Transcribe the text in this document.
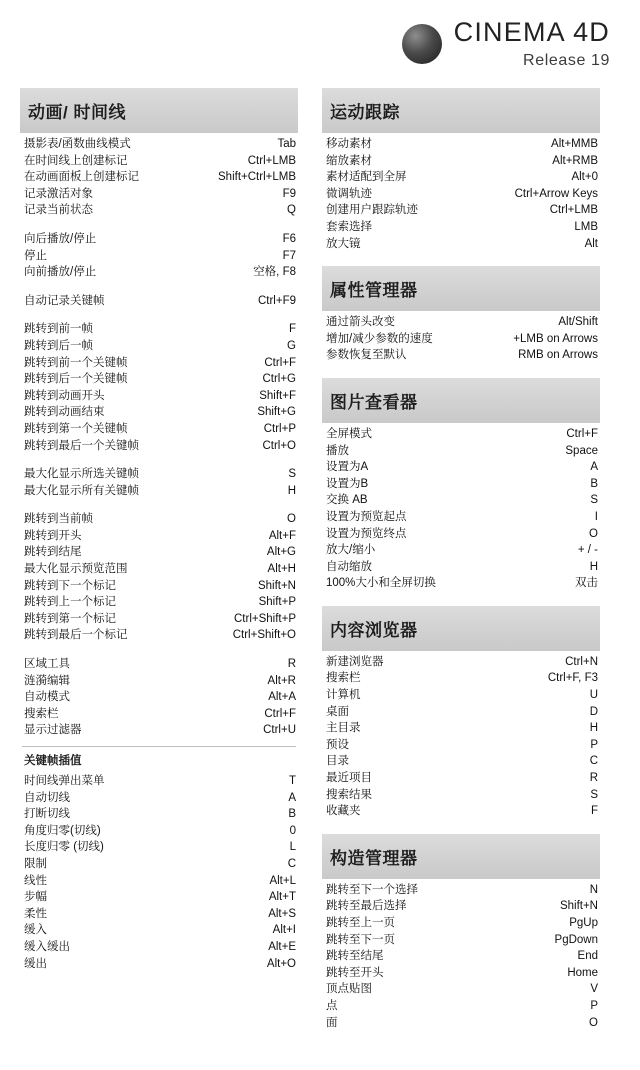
CINEMA 4D
Release 19
动画/ 时间线
摄影表/函数曲线模式	Tab
在时间线上创建标记	Ctrl+LMB
在动画面板上创建标记	Shift+Ctrl+LMB
记录激活对象	F9
记录当前状态	Q
向后播放/停止	F6
停止	F7
向前播放/停止	空格, F8
自动记录关键帧	Ctrl+F9
跳转到前一帧	F
跳转到后一帧	G
跳转到前一个关键帧	Ctrl+F
跳转到后一个关键帧	Ctrl+G
跳转到动画开头	Shift+F
跳转到动画结束	Shift+G
跳转到第一个关键帧	Ctrl+P
跳转到最后一个关键帧	Ctrl+O
最大化显示所选关键帧	S
最大化显示所有关键帧	H
跳转到当前帧	O
跳转到开头	Alt+F
跳转到结尾	Alt+G
最大化显示预览范围	Alt+H
跳转到下一个标记	Shift+N
跳转到上一个标记	Shift+P
跳转到第一个标记	Ctrl+Shift+P
跳转到最后一个标记	Ctrl+Shift+O
区域工具	R
涟漪编辑	Alt+R
自动模式	Alt+A
搜索栏	Ctrl+F
显示过滤器	Ctrl+U
关键帧插值
时间线弹出菜单	T
自动切线	A
打断切线	B
角度归零(切线)	0
长度归零 (切线)	L
限制	C
线性	Alt+L
步幅	Alt+T
柔性	Alt+S
缓入	Alt+I
缓入缓出	Alt+E
缓出	Alt+O
运动跟踪
移动素材	Alt+MMB
缩放素材	Alt+RMB
素材适配到全屏	Alt+0
微调轨迹	Ctrl+Arrow Keys
创建用户跟踪轨迹	Ctrl+LMB
套索选择	LMB
放大镜	Alt
属性管理器
通过箭头改变	Alt/Shift
增加/减少参数的速度	+LMB on Arrows
参数恢复至默认	RMB on Arrows
图片查看器
全屏模式	Ctrl+F
播放	Space
设置为A	A
设置为B	B
交换 AB	S
设置为预览起点	I
设置为预览终点	O
放大/缩小	+ / -
自动缩放	H
100%大小和全屏切换	双击
内容浏览器
新建浏览器	Ctrl+N
搜索栏	Ctrl+F, F3
计算机	U
桌面	D
主目录	H
预设	P
目录	C
最近项目	R
搜索结果	S
收藏夹	F
构造管理器
跳转至下一个选择	N
跳转至最后选择	Shift+N
跳转至上一页	PgUp
跳转至下一页	PgDown
跳转至结尾	End
跳转至开头	Home
顶点贴图	V
点	P
面	O
